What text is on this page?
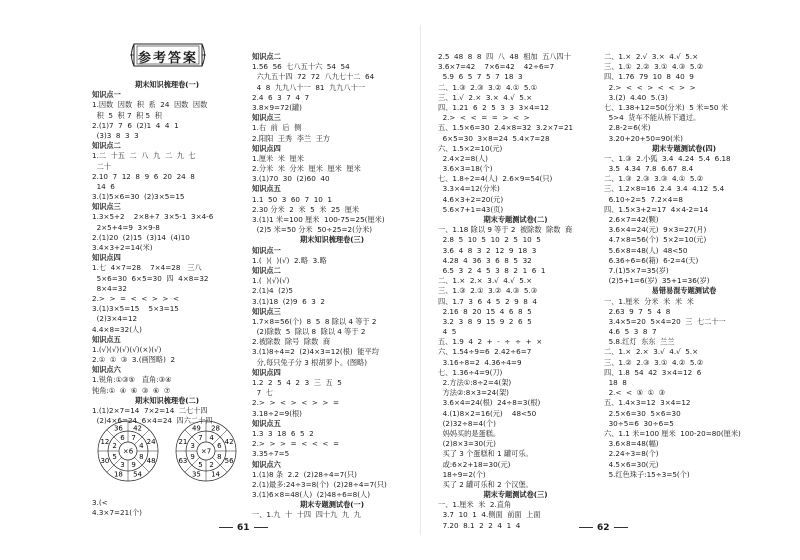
参考答案
期末知识梳理卷(一)
知识点一
1.因数  因数  积  系  24  因数  因数
积  5  积 7  积 5  积
2.(1)7  7  6  (2)1  4  4  1
(3)3  8  3  3
知识点二
1.二  十五  二  八  九  二  九  七
二十
2.10  7  12  8  9  6  20  24  8
14  6
3.(1)5×6=30  (2)3×5=15
知识点三
1.3×5+2    2×8+7  3×5-1  3×4-6
2×5+4=9  3×9-8
2.(1)20  (2)15  (3)14  (4)10
3.4×3+2=14(米)
知识点四
1.七  4×7=28    7×4=28   三八
5×6=30  6×5=30  四  4×8=32
8×4=32
2.>  >  =  <  <  >  >  <
3.(1)3×5=15    5×3=15
(2)3×4=12
4.4×8=32(人)
知识点五
1.(√)(√)(√)(√)(×)(√)
2.①  ①  ③  3.(画图略)  2
知识点六
1.锐角:①③⑤   直角:③④
钝角:①  ④  ⑥  ③  ⑥  ⑦
期末知识梳理卷(二)
1.(1)2×7=14  7×2=14  二七十四
(2)4×6=24  6×4=24  四六二十四
3.(<
4.3×7=21(个)
知识点二
1.56  56  七八五十六  54  54
六九五十四  72  72  八九七十二  64
4  8  九九八十一  81  九九八十一
2.4  6  3  7  4  7
3.8×9=72(罐)
知识点三
1.右  前  后  侧
2.阳阳  王秀  李兰  王方
知识点四
1.厘米  米  厘米
2.分米  米  分米  厘米  厘米  厘米
3.(1)70  30  (2)60  40
知识点五
1.1  50  3  60  7  10  1
2.30 分米  2  米  5  米  25  厘米
3.(1)1 米=100 厘米  100-75=25(厘米)
(2)5 米=50 分米  50÷25=2(分米)
期末知识梳理卷(三)
知识点一
1.(  )(  )(√)  2.略  3.略
知识点二
1.(  )(√)(√)
2.(1)4  (2)5
3.(1)18  (2)9  6  3  2
知识点三
1.7×8=56(个)  8  5  8 除以 4 等于 2
(2)除数  5  除以 8  除以 4 等于 2
2.被除数  除号  除数  商
3.(1)8÷4=2  (2)4×3=12(根)  能平均
分,每只兔子分 3 根胡萝卜。(图略)
知识点四
1.2  2  5  4  2  3  三  五  5
7  七
2.>  >  <  >  <  >  >  =
3.18÷2=9(根)
知识点五
1.3  3  18  6  5  2
2.>  >  >  =  <  <  <  =
3.35÷7=5
知识点六
1.(1)8 条  2.2  (2)28÷4=7(只)
2.(1)最多:24÷3=8(个)  (2)28÷4=7(只)
3.(1)6×8=48(人)  (2)48÷6=8(人)
期末专题测试卷(一)
一、1.九  十  十四  四十九  九  九
2.5  48  8  8  四  八  48  相加  五八四十
3.6×7=42    7×6=42    42÷6=7
5.9  6  5  7  5  7  18  3
二、1.③  2.③  3.②  4.①  5.①
三、1.√  2.×  3.×  4.√  5.×
四、1.21  6  2  5  3  3  3×4=12
2.>  <  <  =  =  >  <  >
五、1.5×6=30  2.4×8=32  3.2×7=21
6×5=30  3×8=24  5.4×7=28
六、1.5×2=10(元)
2.4×2=8(人)
3.6×3=18(个)
七、1.8÷2=4(人)  2.6×9=54(只)
3.3×4=12(分米)
4.6×3+2=20(元)
5.6×7+1=43(页)
期末专题测试卷(二)
一、1.18 除以 9 等于 2  被除数  除数  商
2.8  5  10  5  10  2  5  10  5
3.6  4  8  3  2  12  9  18  3
4.28  4  36  3  6  8  5  32
6.5  3  2  4  5  3  8  2  1  6  1
二、1.×  2.×  3.√  4.√  5.×
三、1.③  2.①  3.②  4.③  5.③
四、1.7  3  6  4  5  2  9  8  4
2.16  8  20  15  4  6  8  5
3.2  3  8  9  15  9  2  6  5
4  5
五、1.9  4  2  +  -  ÷  ÷  +  ×
六、1.54÷9=6  2.42÷6=7
3.16÷8=2  4.36÷4=9
七、1.36÷4=9(刀)
2.方法①:8÷2=4(架)
方法②:8×3=24(架)
3.6×4=24(根)  24÷8=3(根)
4.(1)8×2=16(元)    48<50
(2)32÷8=4(个)
妈妈买的是蛋糕。
(2)8×3=30(元)
买了 3 个蛋糕和 1 罐可乐。
或:6×2+18=30(元)
18÷9=2(个)
买了 2 罐可乐和 2 个汉堡。
期末专题测试卷(三)
一、1.厘米  米  2.直角
3.7  10  1  4.侧面  前面  上面
7.20  8.1  2  2  4  1  4
二、1.×  2.√  3.×  4.√  5.×
三、1.①  2.②  3.①  4.③  5.②
四、1.76  79  10  8  40  9
2.>  <  <  >  <  <  >  >
3.(2)  4.40  5.(3)
七、1.38+12=50(分米)  5 米=50 米
5>4  货车不能从桥下通过。
2.8-2=6(米)
3.20+20+50=90(米)
期末专题测试卷(四)
一、1.③  2.小狐  3.4  4.24  5.4  6.18
3.5  4.34  7.8  6.67  8.4
二、1.③  2.③  3.③  4.①  5.②
三、1.2×8=16  2.4  3.4  4.12  5.4
6.10÷2=5  7.2×4=8
四、1.5×3+2=17  4×4-2=14
2.6×7=42(颗)
3.6×4=24(元)  9×3=27(月)
4.7×8=56(个)  5×2=10(元)
5.6×8=48(人)  48<50
6.36÷6=6(箱)  6-2=4(天)
7.(1)5×7=35(岁)
(2)5+1=6(岁)  35+1=36(岁)
易错易混专题测试卷
一、1.厘米  分米  米  米  米
2.63  9  7  5  4  8
3.4×5=20  5×4=20  三  七二十一
4.6  5  3  8  7
5.8.红灯  东东  兰兰
二、1.×  2.×  3.√  4.√  5.×
三、1.②  2.③  3.①  4.②  5.②
四、1.8  54  42  3×4=12  6
18  8
2.<  <  ⑤  ①  ③
五、1.4×3=12  3×4=12
2.5×6=30  5×6=30
30÷5=6  30÷6=5
六、1.1 米=100 厘米  100-20=80(厘米)
3.6×8=48(幅)
2.24÷3=8(个)
4.5×6=30(元)
5.红色珠子:15÷3=5(个)
×6
7
4
8
9
3
5
2
6
42
24
48
54
18
30
12
36
×7
4
6
8
2
5
9
3
7
28
42
56
14
35
63
21
49
61	62
